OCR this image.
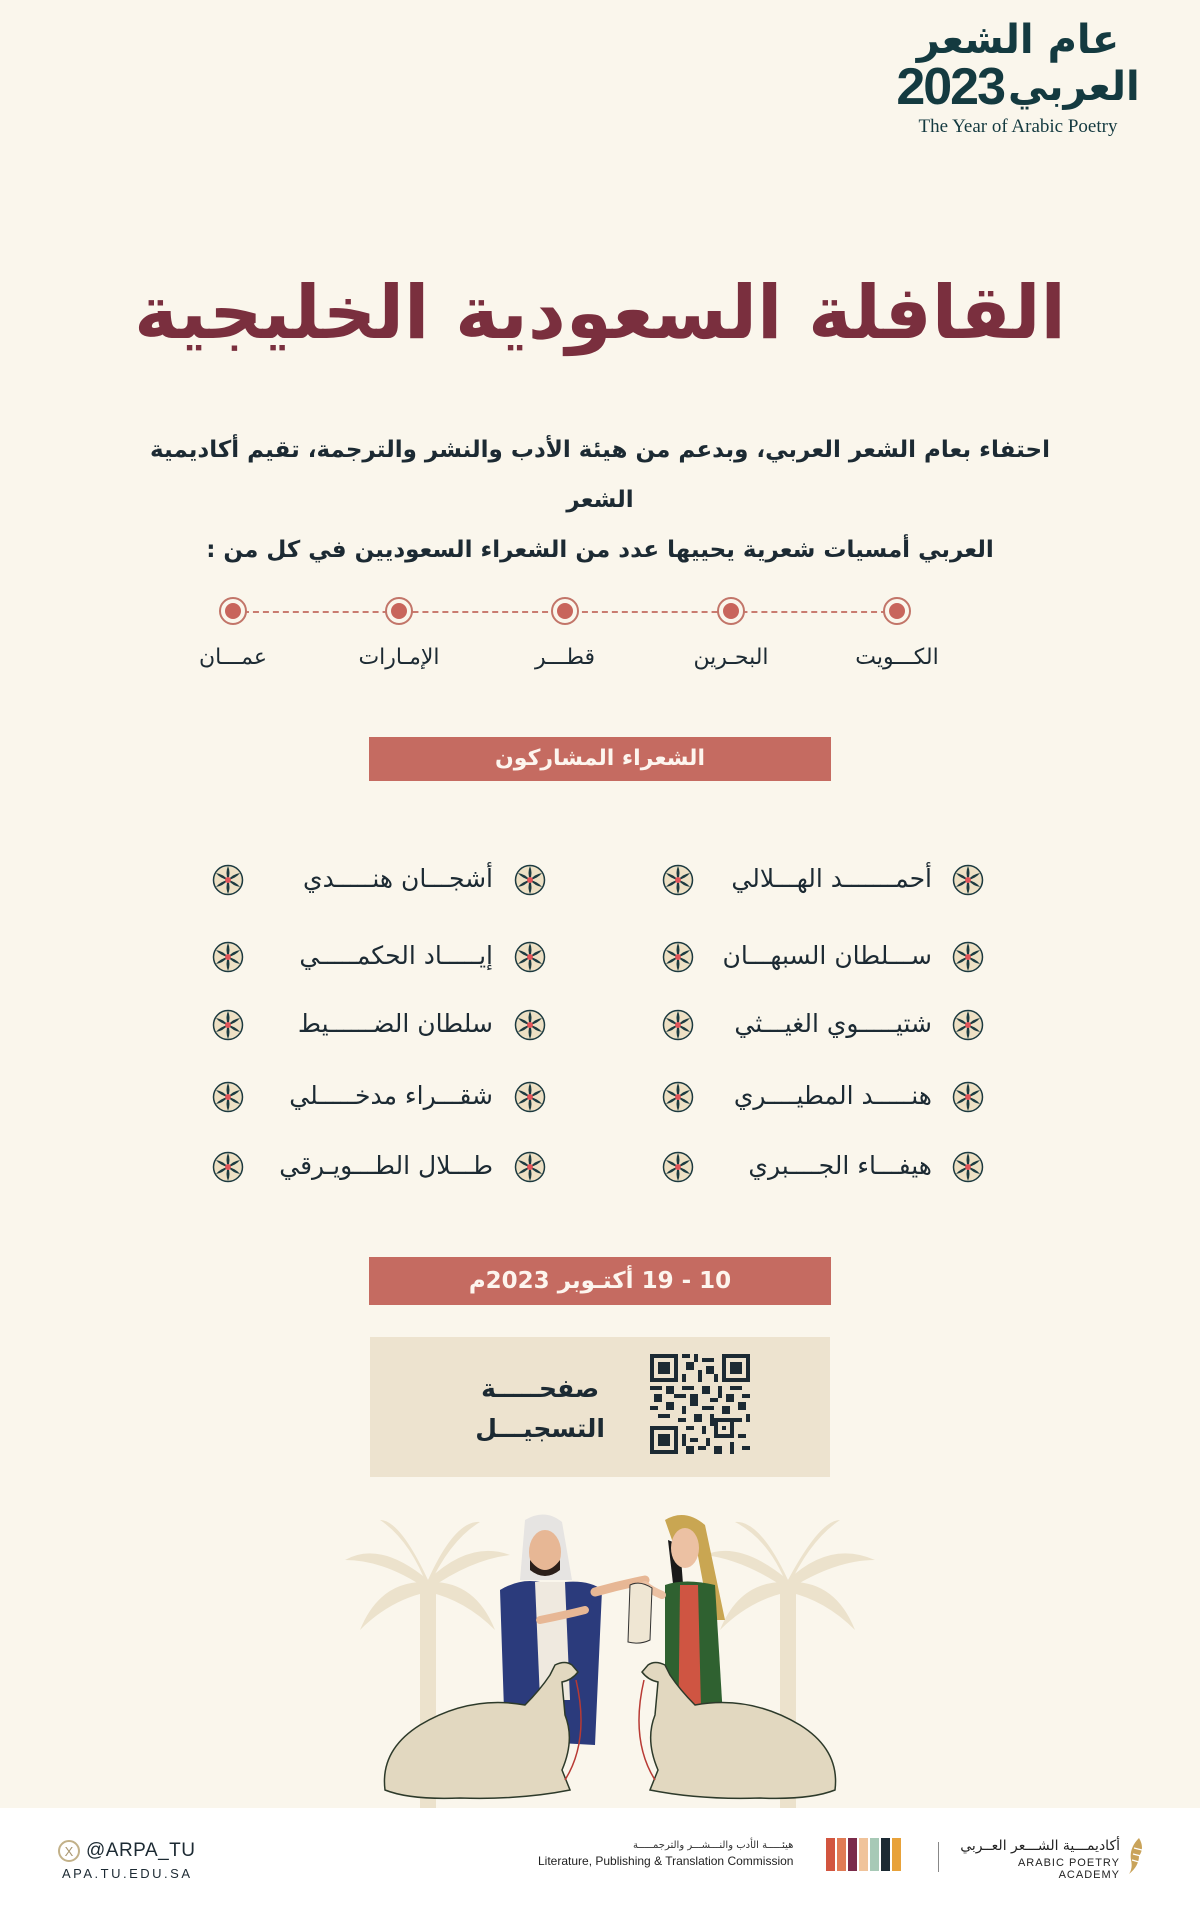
عام الشعر
2023 العربي
The Year of Arabic Poetry
القافلة السعودية الخليجية
احتفاء بعام الشعر العربي، وبدعم من هيئة الأدب والنشر والترجمة، تقيم أكاديمية الشعر
العربي أمسيات شعرية يحييها عدد من الشعراء السعوديين في كل من :
الكـــويت
البحـرين
قطـــر
الإمـارات
عمـــان
الشعراء المشاركون
أحمـــــــد الهـــلالي
ســـلطان السبهـــان
شتيـــــوي الغيـــثي
هنـــــد المطيــــري
هيفـــاء الجــــبري
أشجـــان هنـــــدي
إيـــــاد الحكمـــــي
سلطان الضــــــيط
شقـــراء مدخـــــلي
طـــلال الطـــويـرقي
10 - 19 أكتـوبر 2023م
صفحـــــة
التسجيـــل
X @ARPA_TU
APA.TU.EDU.SA
هيئـــــة الأدب والنـــشـــر والترجمـــــة
Literature, Publishing & Translation Commission
أكاديمـــية الشـــعر العــربي
ARABIC POETRY ACADEMY
